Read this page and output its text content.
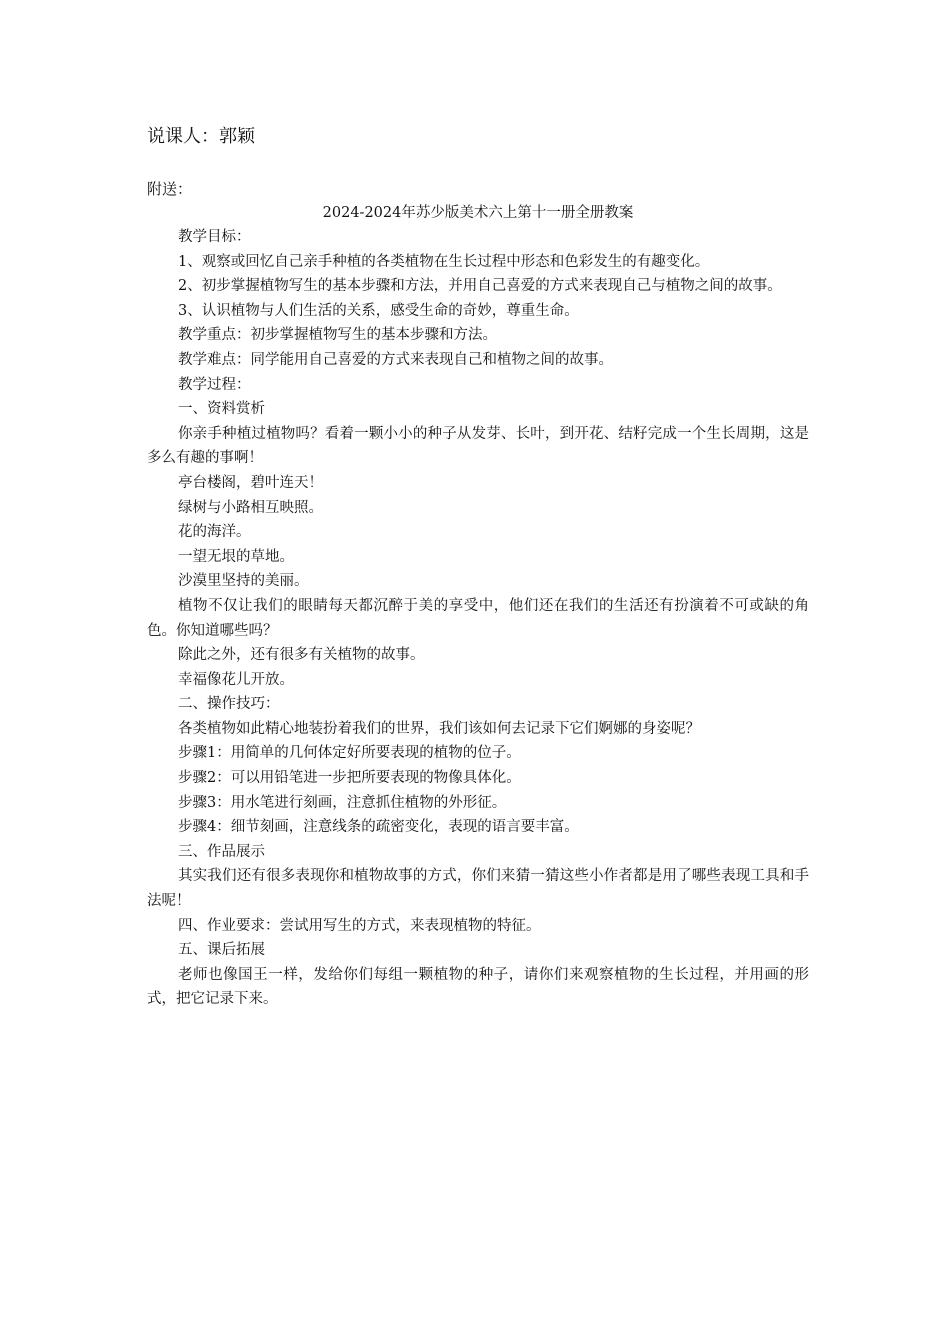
说课人：郭颖
附送：
2024-2024年苏少版美术六上第十一册全册教案

教学目标：

1、观察或回忆自己亲手种植的各类植物在生长过程中形态和色彩发生的有趣变化。

2、初步掌握植物写生的基本步骤和方法，并用自己喜爱的方式来表现自己与植物之间的故事。

3、认识植物与人们生活的关系，感受生命的奇妙，尊重生命。

教学重点：初步掌握植物写生的基本步骤和方法。

教学难点：同学能用自己喜爱的方式来表现自己和植物之间的故事。

教学过程：

一、资料赏析

你亲手种植过植物吗？看着一颗小小的种子从发芽、长叶，到开花、结籽完成一个生长周期，这是多么有趣的事啊！

亭台楼阁，碧叶连天！

绿树与小路相互映照。

花的海洋。

一望无垠的草地。

沙漠里坚持的美丽。

植物不仅让我们的眼睛每天都沉醉于美的享受中，他们还在我们的生活还有扮演着不可或缺的角色。你知道哪些吗？

除此之外，还有很多有关植物的故事。

幸福像花儿开放。

二、操作技巧：

各类植物如此精心地装扮着我们的世界，我们该如何去记录下它们婀娜的身姿呢？

步骤1：用简单的几何体定好所要表现的植物的位子。

步骤2：可以用铅笔进一步把所要表现的物像具体化。

步骤3：用水笔进行刻画，注意抓住植物的外形征。

步骤4：细节刻画，注意线条的疏密变化，表现的语言要丰富。

三、作品展示

其实我们还有很多表现你和植物故事的方式，你们来猜一猜这些小作者都是用了哪些表现工具和手法呢！

四、作业要求：尝试用写生的方式，来表现植物的特征。

五、课后拓展

老师也像国王一样，发给你们每组一颗植物的种子，请你们来观察植物的生长过程，并用画的形式，把它记录下来。
